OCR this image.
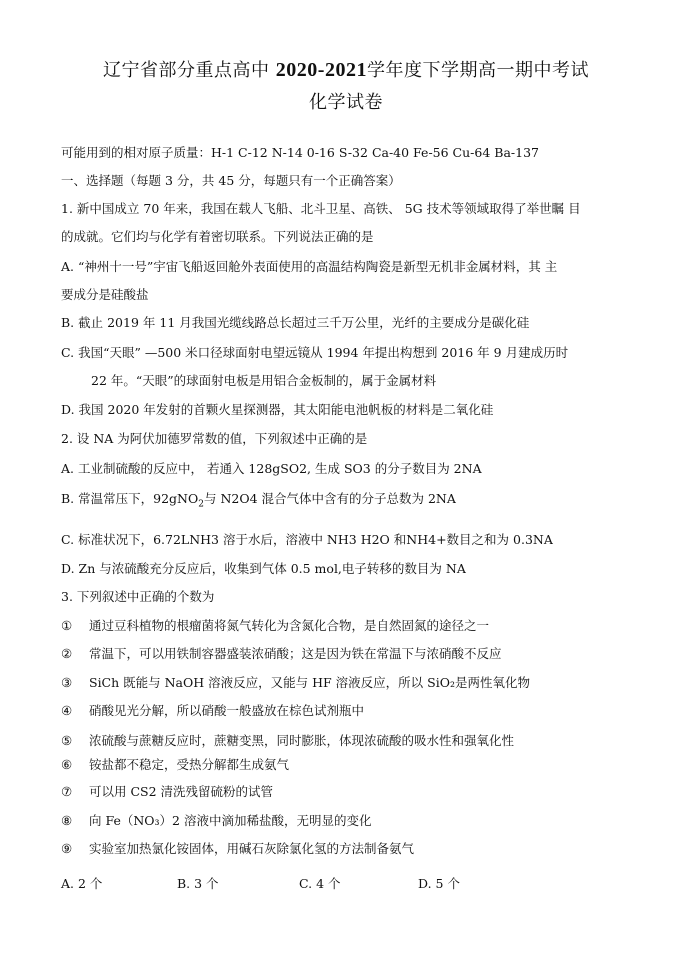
辽宁省部分重点高中 2020-2021学年度下学期高一期中考试
化学试卷
可能用到的相对原子质量：H-1 C-12 N-14 0-16 S-32 Ca-40 Fe-56 Cu-64 Ba-137
一、选择题（每题 3 分，共 45 分，每题只有一个正确答案）
1. 新中国成立 70 年来，我国在载人飞船、北斗卫星、高铁、 5G 技术等领域取得了举世瞩 目
的成就。它们均与化学有着密切联系。下列说法正确的是
A. “神州十一号”宇宙飞船返回舱外表面使用的高温结构陶瓷是新型无机非金属材料，其 主
要成分是硅酸盐
B. 截止 2019 年 11 月我国光缆线路总长超过三千万公里，光纤的主要成分是碳化硅
C. 我国“天眼” —500 米口径球面射电望远镜从 1994 年提出构想到 2016 年 9 月建成历时
22 年。“天眼”的球面射电板是用铝合金板制的，属于金属材料
D. 我国 2020 年发射的首颗火星探测器，其太阳能电池帆板的材料是二氧化硅
2. 设 NA 为阿伏加德罗常数的值，下列叙述中正确的是
A. 工业制硫酸的反应中， 若通入 128gSO2, 生成 SO3 的分子数目为 2NA
B. 常温常压下，92gNO$_2$与 N2O4 混合气体中含有的分子总数为 2NA
C. 标准状况下，6.72LNH3 溶于水后，溶液中 NH3 H2O 和NH4+数目之和为 0.3NA
D. Zn 与浓硫酸充分反应后，收集到气体 0.5 mol,电子转移的数目为 NA
3. 下列叙述中正确的个数为
① 通过豆科植物的根瘤菌将氮气转化为含氮化合物，是自然固氮的途径之一
② 常温下，可以用铁制容器盛装浓硝酸；这是因为铁在常温下与浓硝酸不反应
③ SiCh 既能与 NaOH 溶液反应，又能与 HF 溶液反应，所以 SiO₂是两性氧化物
④ 硝酸见光分解，所以硝酸一般盛放在棕色试剂瓶中
⑤ 浓硫酸与蔗糖反应时，蔗糖变黑，同时膨胀，体现浓硫酸的吸水性和强氧化性
⑥ 铵盐都不稳定，受热分解都生成氨气
⑦ 可以用 CS2 清洗残留硫粉的试管
⑧ 向 Fe（NO₃）2 溶液中滴加稀盐酸，无明显的变化
⑨ 实验室加热氯化铵固体，用碱石灰除氯化氢的方法制备氨气
A. 2 个	B. 3 个	C. 4 个	D. 5 个
